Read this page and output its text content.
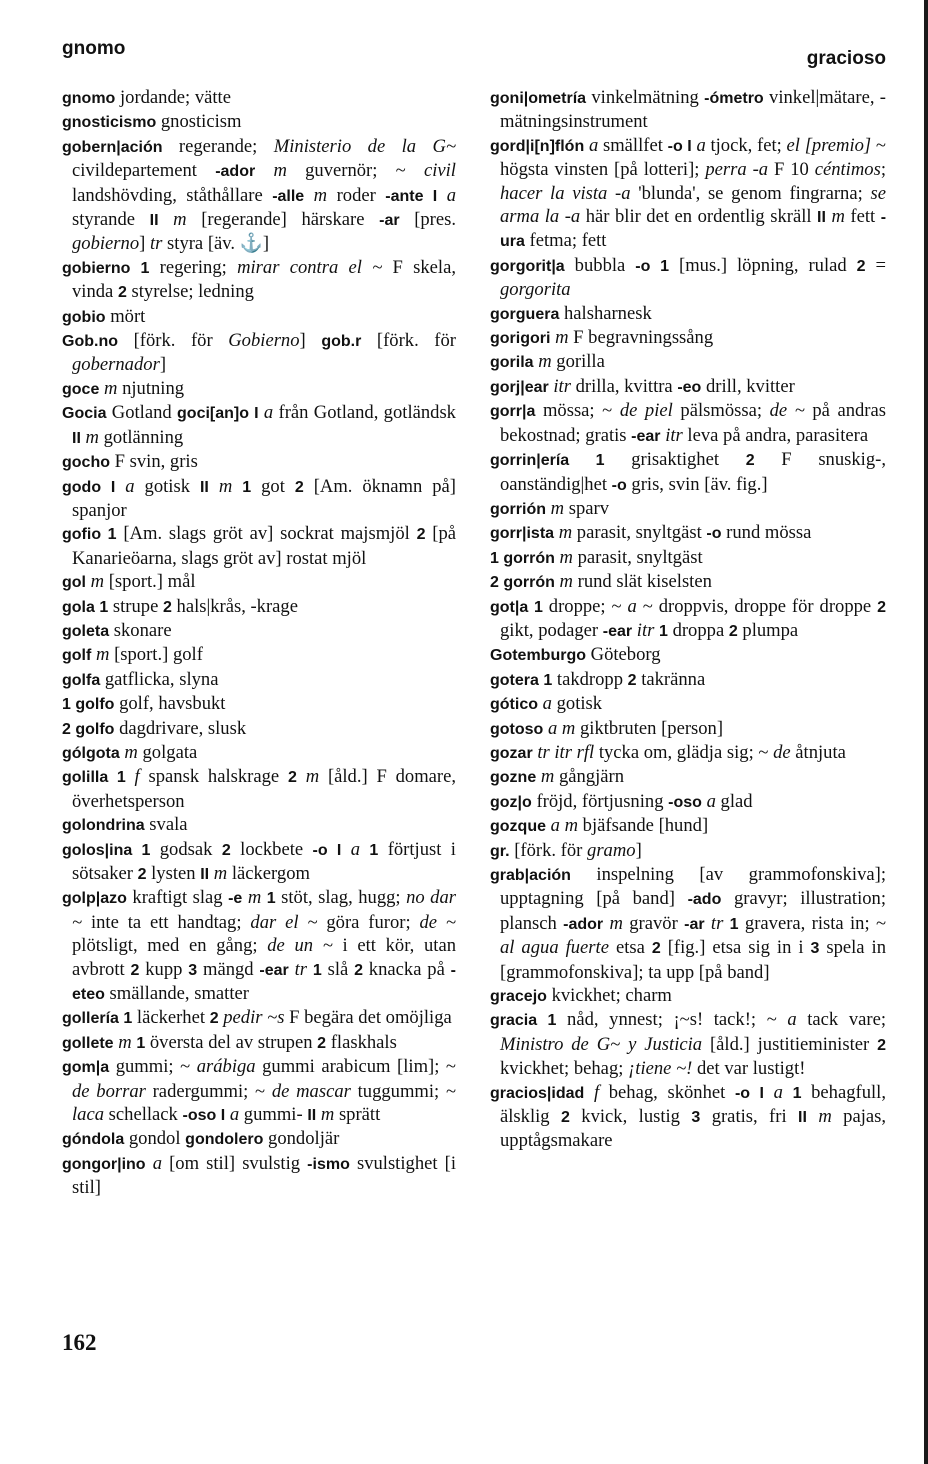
gnomo	gracioso
gnomo jordande; vätte
gnosticismo gnosticism
gobern|ación regerande; Ministerio de la G~ civildepartement -ador m guvernör; ~ civil landshövding, ståthållare -alle m roder -ante I a styrande II m [regerande] härskare -ar [pres. gobierno] tr styra [äv. ⚓]
gobierno 1 regering; mirar contra el ~ F skela, vinda 2 styrelse; ledning
gobio mört
Gob.no [förk. för Gobierno] gob.r [förk. för gobernador]
goce m njutning
Gocia Gotland goci[an]o I a från Gotland, gotländsk II m gotlänning
gocho F svin, gris
godo I a gotisk II m 1 got 2 [Am. öknamn på] spanjor
gofio 1 [Am. slags gröt av] sockrat majsmjöl 2 [på Kanarieöarna, slags gröt av] rostat mjöl
gol m [sport.] mål
gola 1 strupe 2 hals|krås, -krage
goleta skonare
golf m [sport.] golf
golfa gatflicka, slyna
1 golfo golf, havsbukt
2 golfo dagdrivare, slusk
gólgota m golgata
golilla 1 f spansk halskrage 2 m [åld.] F domare, överhetsperson
golondrina svala
golos|ina 1 godsak 2 lockbete -o I a 1 förtjust i sötsaker 2 lysten II m läckergom
golp|azo kraftigt slag -e m 1 stöt, slag, hugg; no dar ~ inte ta ett handtag; dar el ~ göra furor; de ~ plötsligt, med en gång; de un ~ i ett kör, utan avbrott 2 kupp 3 mängd -ear tr 1 slå 2 knacka på -eteo smällande, smatter
gollería 1 läckerhet 2 pedir ~s F begära det omöjliga
gollete m 1 översta del av strupen 2 flaskhals
gom|a gummi; ~ arábiga gummi arabicum [lim]; ~ de borrar radergummi; ~ de mascar tuggummi; ~ laca schellack -oso I a gummi- II m sprätt
góndola gondol gondolero gondoljär
gongor|ino a [om stil] svulstig -ismo svulstighet [i stil]
goni|ometría vinkelmätning -ómetro vinkel|mätare, -mätningsinstrument
gord|i[n]flón a smällfet -o I a tjock, fet; el [premio] ~ högsta vinsten [på lotteri]; perra -a F 10 céntimos; hacer la vista -a 'blunda', se genom fingrarna; se arma la -a här blir det en ordentlig skräll II m fett -ura fetma; fett
gorgorit|a bubbla -o 1 [mus.] löpning, rulad 2 = gorgorita
gorguera halsharnesk
gorigori m F begravningssång
gorila m gorilla
gorj|ear itr drilla, kvittra -eo drill, kvitter
gorr|a mössa; ~ de piel pälsmössa; de ~ på andras bekostnad; gratis -ear itr leva på andra, parasitera
gorrin|ería 1 grisaktighet 2 F snuskig-, oanständig|het -o gris, svin [äv. fig.]
gorrión m sparv
gorr|ista m parasit, snyltgäst -o rund mössa
1 gorrón m parasit, snyltgäst
2 gorrón m rund slät kiselsten
got|a 1 droppe; ~ a ~ droppvis, droppe för droppe 2 gikt, podager -ear itr 1 droppa 2 plumpa
Gotemburgo Göteborg
gotera 1 takdropp 2 takränna
gótico a gotisk
gotoso a m giktbruten [person]
gozar tr itr rfl tycka om, glädja sig; ~ de åtnjuta
gozne m gångjärn
goz|o fröjd, förtjusning -oso a glad
gozque a m bjäfsande [hund]
gr. [förk. för gramo]
grab|ación inspelning [av grammofonskiva]; upptagning [på band] -ado gravyr; illustration; plansch -ador m gravör -ar tr 1 gravera, rista in; ~ al agua fuerte etsa 2 [fig.] etsa sig in i 3 spela in [grammofonskiva]; ta upp [på band]
gracejo kvickhet; charm
gracia 1 nåd, ynnest; ¡~s! tack!; ~ a tack vare; Ministro de G~ y Justicia [åld.] justitieminister 2 kvickhet; behag; ¡tiene ~! det var lustigt!
gracios|idad f behag, skönhet -o I a 1 behagfull, älsklig 2 kvick, lustig 3 gratis, fri II m pajas, upptågsmakare
162
